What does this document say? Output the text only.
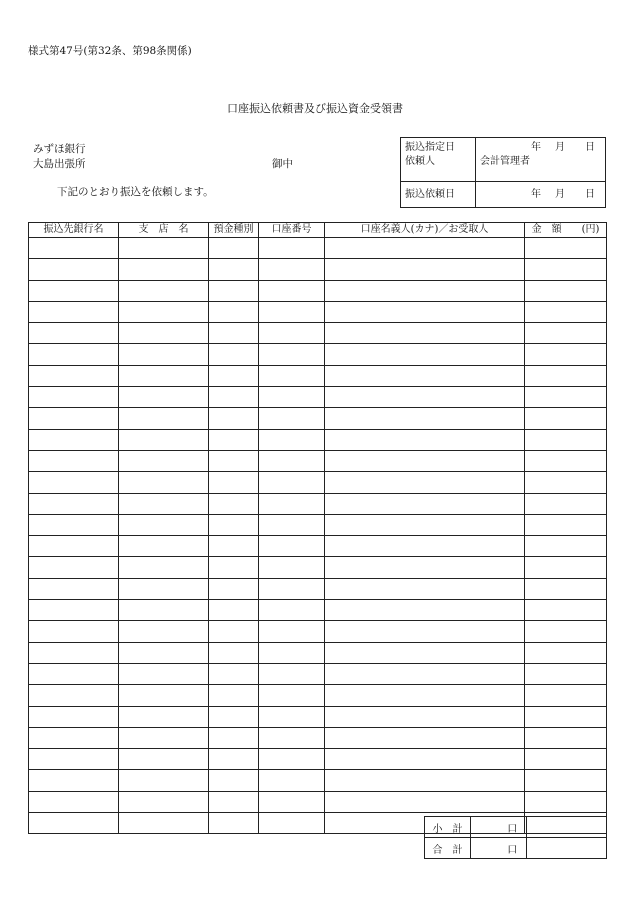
様式第47号(第32条、第98条関係)
口座振込依頼書及び振込資金受領書
みずほ銀行
大島出張所	御中
下記のとおり振込を依頼します。
振込指定日	年 月 日

依頼人	会計管理者
振込依頼日	年 月 日
振込先銀行名	支　店　名	預金種別	口座番号	口座名義人(カナ)／お受取人	金　額　　(円)

小　計		口	
合　計		口	
